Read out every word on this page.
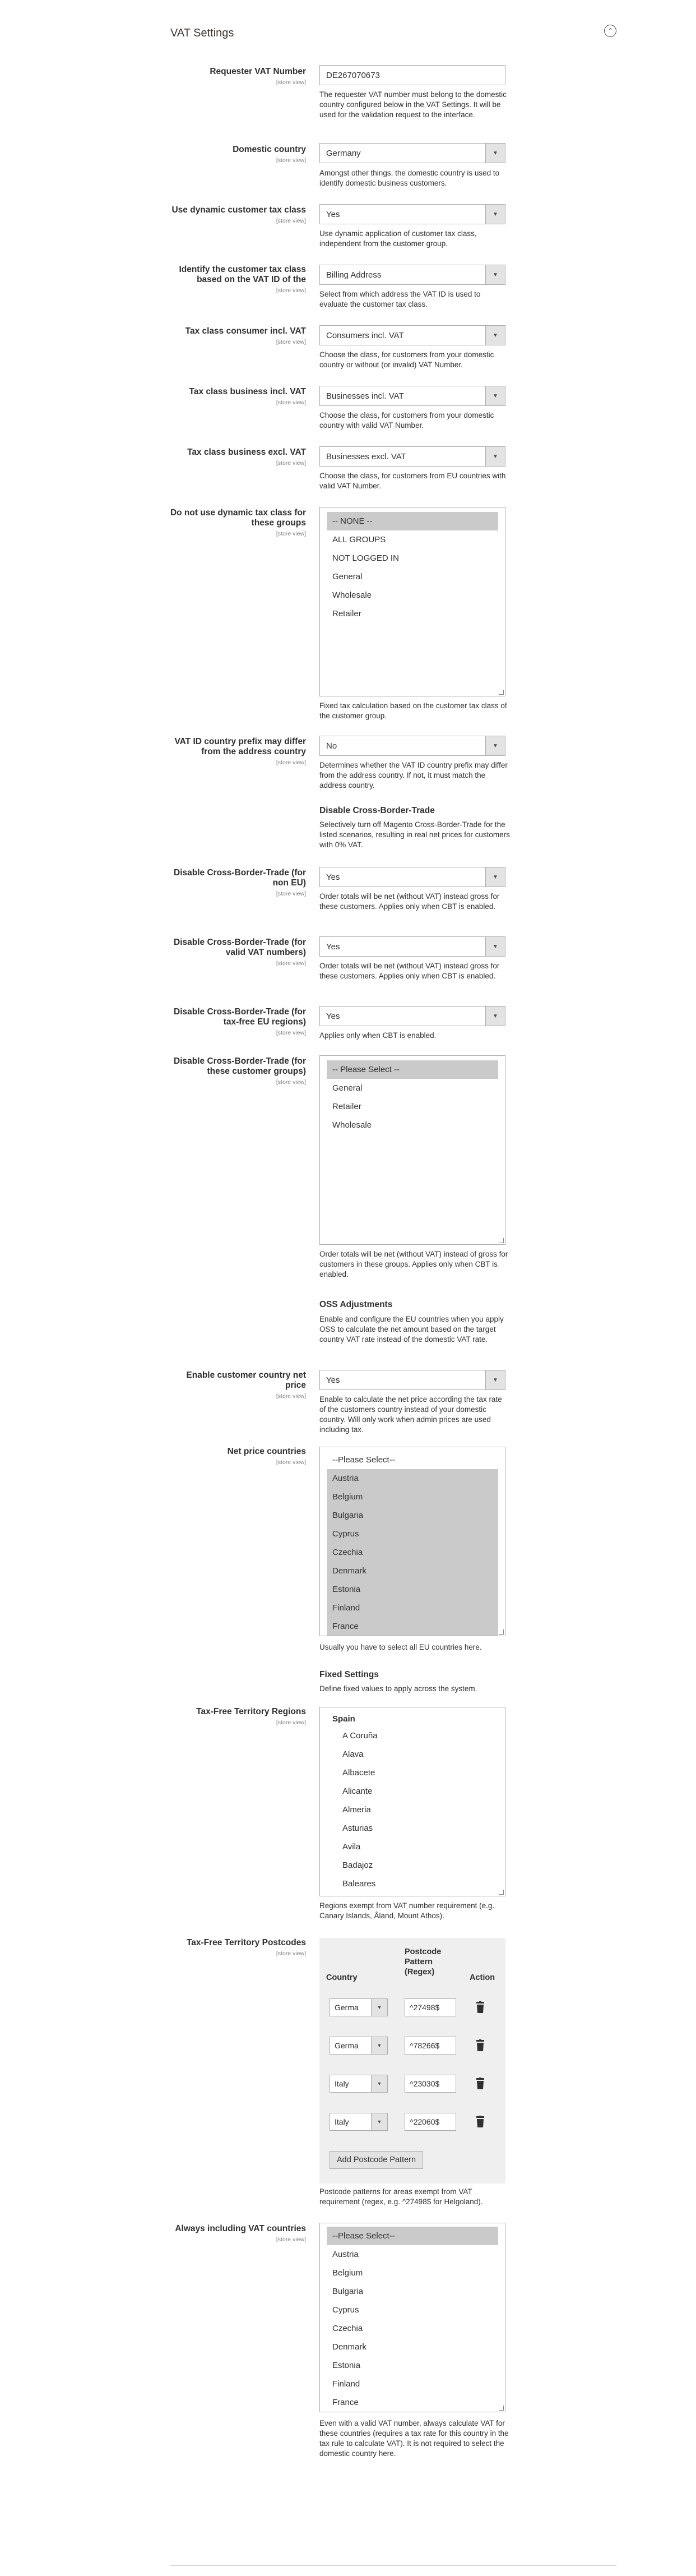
VAT Settings	⌃
Requester VAT Number
[store view]
DE267070673
The requester VAT number must belong to the domestic country configured below in the VAT Settings. It will be used for the validation request to the interface.
Domestic country
[store view]
Germany	▼
Amongst other things, the domestic country is used to identify domestic business customers.
Use dynamic customer tax class
[store view]
Yes	▼
Use dynamic application of customer tax class, independent from the customer group.
Identify the customer tax class
based on the VAT ID of the
[store view]
Billing Address	▼
Select from which address the VAT ID is used to evaluate the customer tax class.
Tax class consumer incl. VAT
[store view]
Consumers incl. VAT	▼
Choose the class, for customers from your domestic country or without (or invalid) VAT Number.
Tax class business incl. VAT
[store view]
Businesses incl. VAT	▼
Choose the class, for customers from your domestic country with valid VAT Number.
Tax class business excl. VAT
[store view]
Businesses excl. VAT	▼
Choose the class, for customers from EU countries with valid VAT Number.
Do not use dynamic tax class for
these groups
[store view]
-- NONE --
ALL GROUPS
NOT LOGGED IN
General
Wholesale
Retailer
Fixed tax calculation based on the customer tax class of the customer group.
VAT ID country prefix may differ
from the address country
[store view]
No	▼
Determines whether the VAT ID country prefix may differ from the address country. If not, it must match the address country.
Disable Cross-Border-Trade
Selectively turn off Magento Cross-Border-Trade for the listed scenarios, resulting in real net prices for customers with 0% VAT.
Disable Cross-Border-Trade (for
non EU)
[store view]
Yes	▼
Order totals will be net (without VAT) instead gross for these customers. Applies only when CBT is enabled.
Disable Cross-Border-Trade (for
valid VAT numbers)
[store view]
Yes	▼
Order totals will be net (without VAT) instead gross for these customers. Applies only when CBT is enabled.
Disable Cross-Border-Trade (for
tax-free EU regions)
[store view]
Yes	▼
Applies only when CBT is enabled.
Disable Cross-Border-Trade (for
these customer groups)
[store view]
-- Please Select --
General
Retailer
Wholesale
Order totals will be net (without VAT) instead of gross for customers in these groups. Applies only when CBT is enabled.
OSS Adjustments
Enable and configure the EU countries when you apply OSS to calculate the net amount based on the target country VAT rate instead of the domestic VAT rate.
Enable customer country net
price
[store view]
Yes	▼
Enable to calculate the net price according the tax rate of the customers country instead of your domestic country. Will only work when admin prices are used including tax.
Net price countries
[store view]	--Please Select--
Austria
Belgium
Bulgaria
Cyprus
Czechia
Denmark
Estonia
Finland
France
Usually you have to select all EU countries here.
Fixed Settings
Define fixed values to apply across the system.
Tax-Free Territory Regions
[store view]	Spain
A Coruña
Alava
Albacete
Alicante
Almeria
Asturias
Avila
Badajoz
Baleares
Regions exempt from VAT number requirement (e.g. Canary Islands, Åland, Mount Athos).
Tax-Free Territory Postcodes
[store view]
Country
Postcode
Pattern
(Regex)
Action
Germa	▼	^27498$
Germa	▼	^78266$
Italy	▼	^23030$
Italy	▼	^22060$
Add Postcode Pattern
Postcode patterns for areas exempt from VAT requirement (regex, e.g. ^27498$ for Helgoland).
Always including VAT countries
[store view]	--Please Select--
Austria
Belgium
Bulgaria
Cyprus
Czechia
Denmark
Estonia
Finland
France
Even with a valid VAT number, always calculate VAT for these countries (requires a tax rate for this country in the tax rule to calculate VAT). It is not required to select the domestic country here.
